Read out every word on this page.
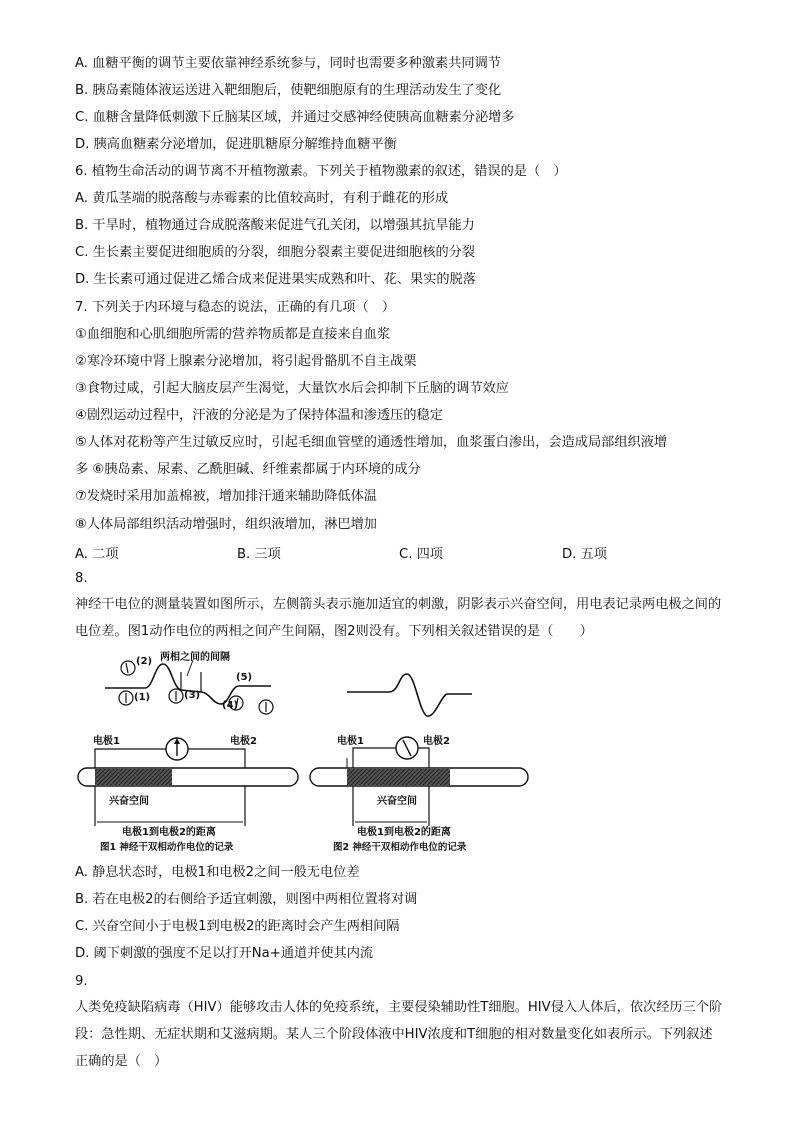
A. 血糖平衡的调节主要依靠神经系统参与，同时也需要多种激素共同调节
B. 胰岛素随体液运送进入靶细胞后，使靶细胞原有的生理活动发生了变化
C. 血糖含量降低刺激下丘脑某区域，并通过交感神经使胰高血糖素分泌增多
D. 胰高血糖素分泌增加，促进肌糖原分解维持血糖平衡
6. 植物生命活动的调节离不开植物激素。下列关于植物激素的叙述，错误的是（　）
A. 黄瓜茎端的脱落酸与赤霉素的比值较高时，有利于雌花的形成
B. 干旱时，植物通过合成脱落酸来促进气孔关闭，以增强其抗旱能力
C. 生长素主要促进细胞质的分裂，细胞分裂素主要促进细胞核的分裂
D. 生长素可通过促进乙烯合成来促进果实成熟和叶、花、果实的脱落
7. 下列关于内环境与稳态的说法，正确的有几项（　）
①血细胞和心肌细胞所需的营养物质都是直接来自血浆
②寒冷环境中肾上腺素分泌增加，将引起骨骼肌不自主战栗
③食物过咸，引起大脑皮层产生渴觉，大量饮水后会抑制下丘脑的调节效应
④剧烈运动过程中，汗液的分泌是为了保持体温和渗透压的稳定
⑤人体对花粉等产生过敏反应时，引起毛细血管壁的通透性增加，血浆蛋白渗出，会造成局部组织液增
多 ⑥胰岛素、尿素、乙酰胆碱、纤维素都属于内环境的成分
⑦发烧时采用加盖棉被，增加排汗通来辅助降低体温
⑧人体局部组织活动增强时，组织液增加，淋巴增加
A. 二项	B. 三项	C. 四项	D. 五项
8.
神经干电位的测量装置如图所示，左侧箭头表示施加适宜的刺激，阴影表示兴奋空间，用电表记录两电极之间的电位差。图1动作电位的两相之间产生间隔，图2则没有。下列相关叙述错误的是（　　）
两相之间的间隔
(2)
(1)	(3)
(4)
(5)
电极1	电极2
兴奋空间
电极1到电极2的距离
图1 神经干双相动作电位的记录
电极1	电极2
兴奋空间
电极1到电极2的距离
图2 神经干双相动作电位的记录
A. 静息状态时，电极1和电极2之间一般无电位差
B. 若在电极2的右侧给予适宜刺激，则图中两相位置将对调
C. 兴奋空间小于电极1到电极2的距离时会产生两相间隔
D. 阈下刺激的强度不足以打开Na+通道并使其内流
9.
人类免疫缺陷病毒（HIV）能够攻击人体的免疫系统，主要侵染辅助性T细胞。HIV侵入人体后，依次经历三个阶段：急性期、无症状期和艾滋病期。某人三个阶段体液中HIV浓度和T细胞的相对数量变化如表所示。下列叙述正确的是（　）
